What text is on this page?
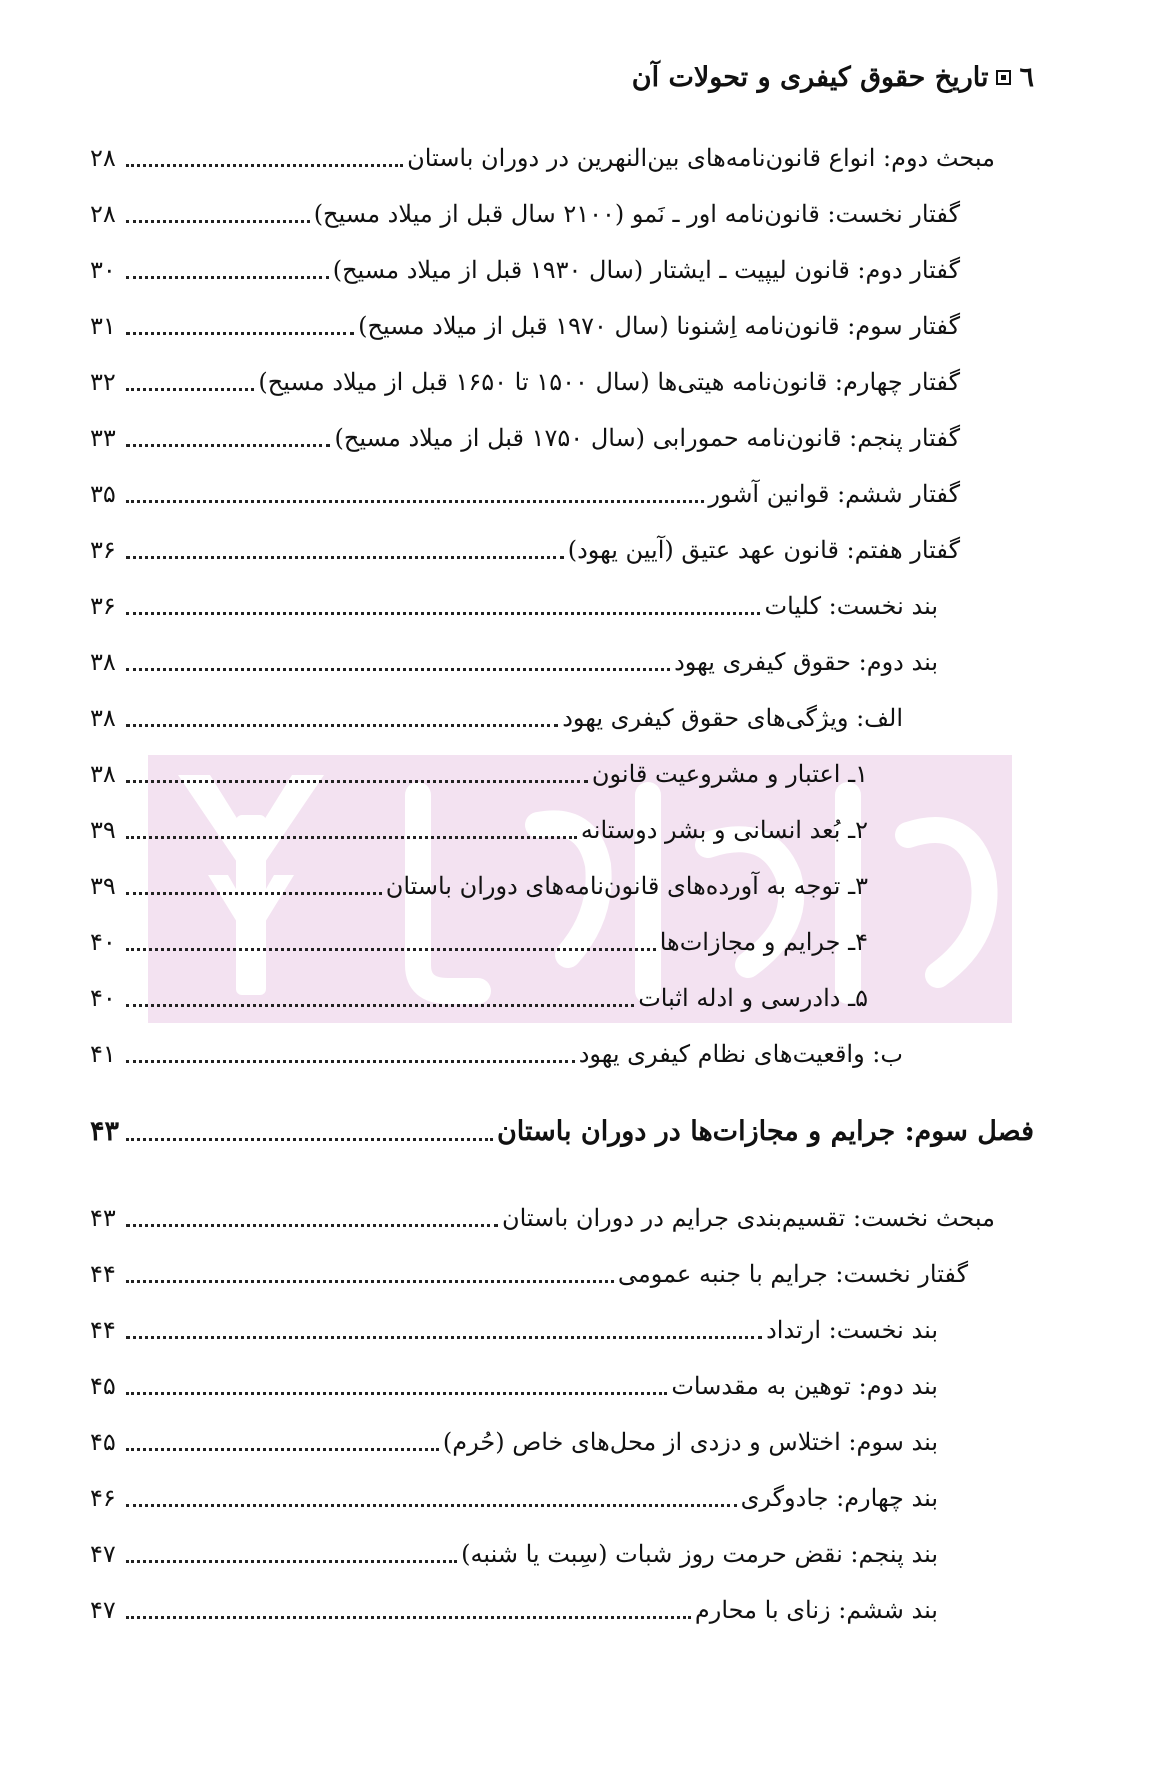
٦
تاریخ حقوق کیفری و تحولات آن
مبحث دوم: انواع قانون‌نامه‌های بین‌النهرین در دوران باستان
۲۸
گفتار نخست: قانون‌نامه اور ـ نَمو (۲۱۰۰ سال قبل از میلاد مسیح)
۲۸
گفتار دوم: قانون لیپیت ـ ایشتار (سال ۱۹۳۰ قبل از میلاد مسیح)
۳۰
گفتار سوم: قانون‌نامه اِشنونا (سال ۱۹۷۰ قبل از میلاد مسیح)
۳۱
گفتار چهارم: قانون‌نامه هیتی‌ها (سال ۱۵۰۰ تا ۱۶۵۰ قبل از میلاد مسیح)
۳۲
گفتار پنجم: قانون‌نامه حمورابی (سال ۱۷۵۰ قبل از میلاد مسیح)
۳۳
گفتار ششم: قوانین آشور
۳۵
گفتار هفتم: قانون عهد عتیق (آیین یهود)
۳۶
بند نخست: کلیات
۳۶
بند دوم: حقوق کیفری یهود
۳۸
الف: ویژگی‌های حقوق کیفری یهود
۳۸
۱ـ اعتبار و مشروعیت قانون
۳۸
۲ـ بُعد انسانی و بشر دوستانه
۳۹
۳ـ توجه به آورده‌های قانون‌نامه‌های دوران باستان
۳۹
۴ـ جرایم و مجازات‌ها
۴۰
۵ـ دادرسی و ادله اثبات
۴۰
ب: واقعیت‌های نظام کیفری یهود
۴۱
فصل سوم: جرایم و مجازات‌ها در دوران باستان
۴۳
مبحث نخست: تقسیم‌بندی جرایم در دوران باستان
۴۳
گفتار نخست: جرایم با جنبه عمومی
۴۴
بند نخست: ارتداد
۴۴
بند دوم: توهین به مقدسات
۴۵
بند سوم: اختلاس و دزدی از محل‌های خاص (حُرم)
۴۵
بند چهارم: جادوگری
۴۶
بند پنجم: نقض حرمت روز شبات (سِبت یا شنبه)
۴۷
بند ششم: زنای با محارم
۴۷
